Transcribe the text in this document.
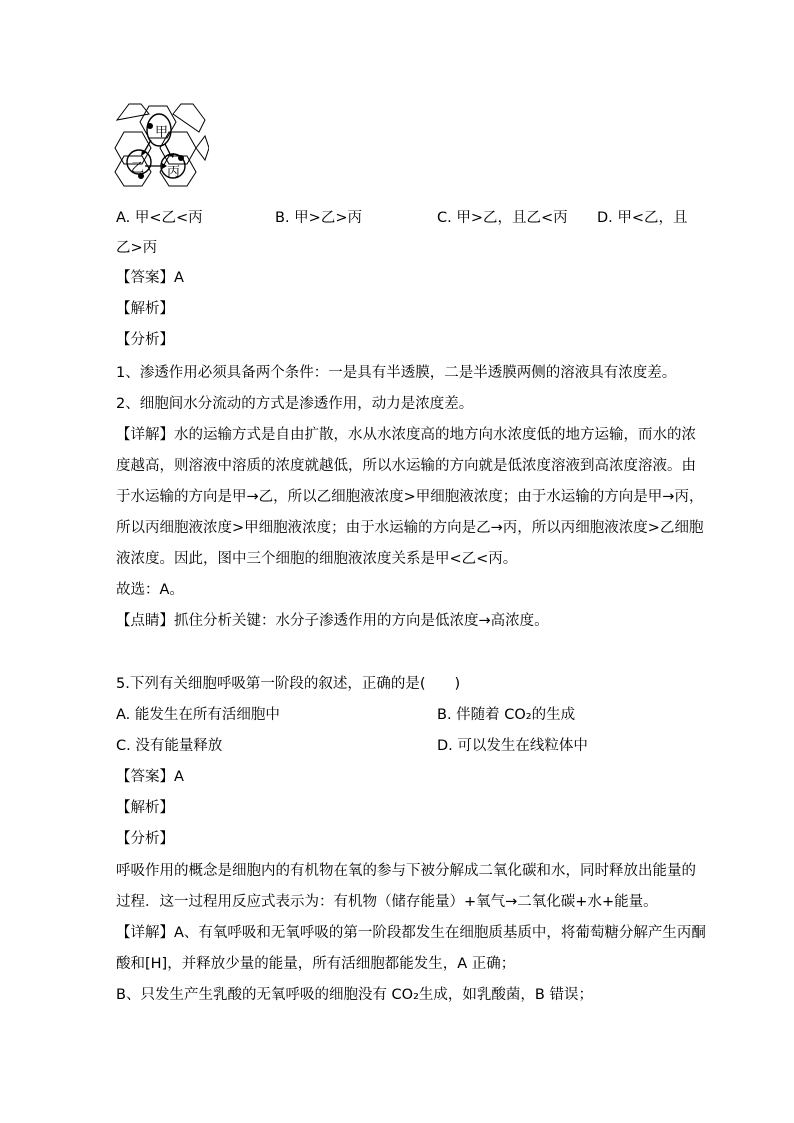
甲
乙 丙
A. 甲<乙<丙	B. 甲>乙>丙	C. 甲>乙，且乙<丙 D. 甲<乙，且
乙>丙
【答案】A
【解析】
【分析】
1、渗透作用必须具备两个条件：一是具有半透膜，二是半透膜两侧的溶液具有浓度差。
2、细胞间水分流动的方式是渗透作用，动力是浓度差。
【详解】水的运输方式是自由扩散，水从水浓度高的地方向水浓度低的地方运输，而水的浓
度越高，则溶液中溶质的浓度就越低，所以水运输的方向就是低浓度溶液到高浓度溶液。由
于水运输的方向是甲→乙，所以乙细胞液浓度>甲细胞液浓度；由于水运输的方向是甲→丙，
所以丙细胞液浓度>甲细胞液浓度；由于水运输的方向是乙→丙，所以丙细胞液浓度>乙细胞
液浓度。因此，图中三个细胞的细胞液浓度关系是甲<乙<丙。
故选：A。
【点睛】抓住分析关键：水分子渗透作用的方向是低浓度→高浓度。
5.下列有关细胞呼吸第一阶段的叙述，正确的是(　　)
A. 能发生在所有活细胞中	B. 伴随着 CO₂的生成
C. 没有能量释放	D. 可以发生在线粒体中
【答案】A
【解析】
【分析】
呼吸作用的概念是细胞内的有机物在氧的参与下被分解成二氧化碳和水，同时释放出能量的
过程．这一过程用反应式表示为：有机物（储存能量）+氧气→二氧化碳+水+能量。
【详解】A、有氧呼吸和无氧呼吸的第一阶段都发生在细胞质基质中，将葡萄糖分解产生丙酮
酸和[H]，并释放少量的能量，所有活细胞都能发生，A 正确；
B、只发生产生乳酸的无氧呼吸的细胞没有 CO₂生成，如乳酸菌，B 错误；
